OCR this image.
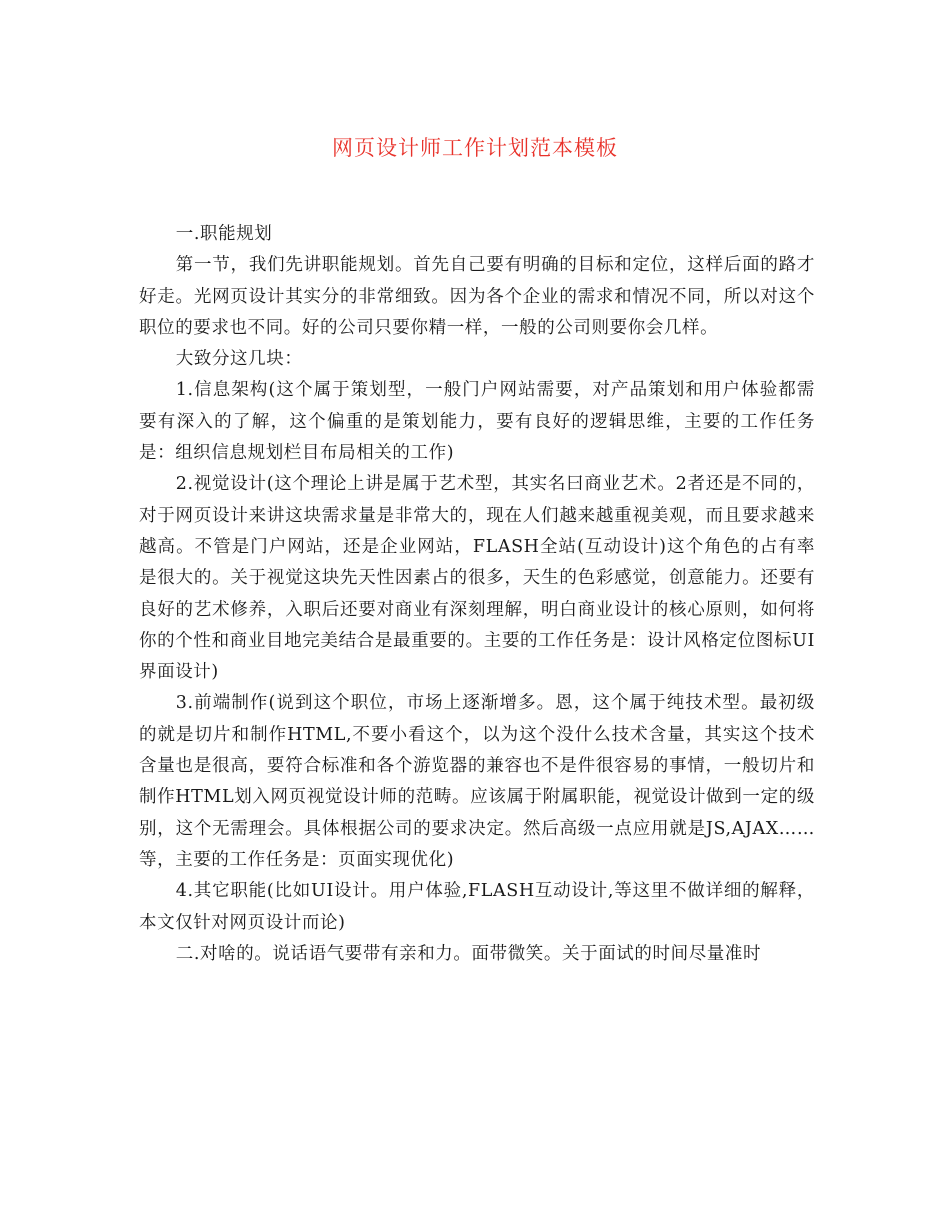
网页设计师工作计划范本模板

一.职能规划

第一节，我们先讲职能规划。首先自己要有明确的目标和定位，这样后面的路才好走。光网页设计其实分的非常细致。因为各个企业的需求和情况不同，所以对这个职位的要求也不同。好的公司只要你精一样，一般的公司则要你会几样。

大致分这几块：

1.信息架构(这个属于策划型，一般门户网站需要，对产品策划和用户体验都需要有深入的了解，这个偏重的是策划能力，要有良好的逻辑思维，主要的工作任务是：组织信息规划栏目布局相关的工作)

2.视觉设计(这个理论上讲是属于艺术型，其实名曰商业艺术。2者还是不同的，对于网页设计来讲这块需求量是非常大的，现在人们越来越重视美观，而且要求越来越高。不管是门户网站，还是企业网站，FLASH全站(互动设计)这个角色的占有率是很大的。关于视觉这块先天性因素占的很多，天生的色彩感觉，创意能力。还要有良好的艺术修养，入职后还要对商业有深刻理解，明白商业设计的核心原则，如何将你的个性和商业目地完美结合是最重要的。主要的工作任务是：设计风格定位图标UI界面设计)

3.前端制作(说到这个职位，市场上逐渐增多。恩，这个属于纯技术型。最初级的就是切片和制作HTML,不要小看这个，以为这个没什么技术含量，其实这个技术含量也是很高，要符合标准和各个游览器的兼容也不是件很容易的事情，一般切片和制作HTML划入网页视觉设计师的范畴。应该属于附属职能，视觉设计做到一定的级别，这个无需理会。具体根据公司的要求决定。然后高级一点应用就是JS,AJAX……等，主要的工作任务是：页面实现优化)

4.其它职能(比如UI设计。用户体验,FLASH互动设计,等这里不做详细的解释，本文仅针对网页设计而论)

二.对啥的。说话语气要带有亲和力。面带微笑。关于面试的时间尽量准时
